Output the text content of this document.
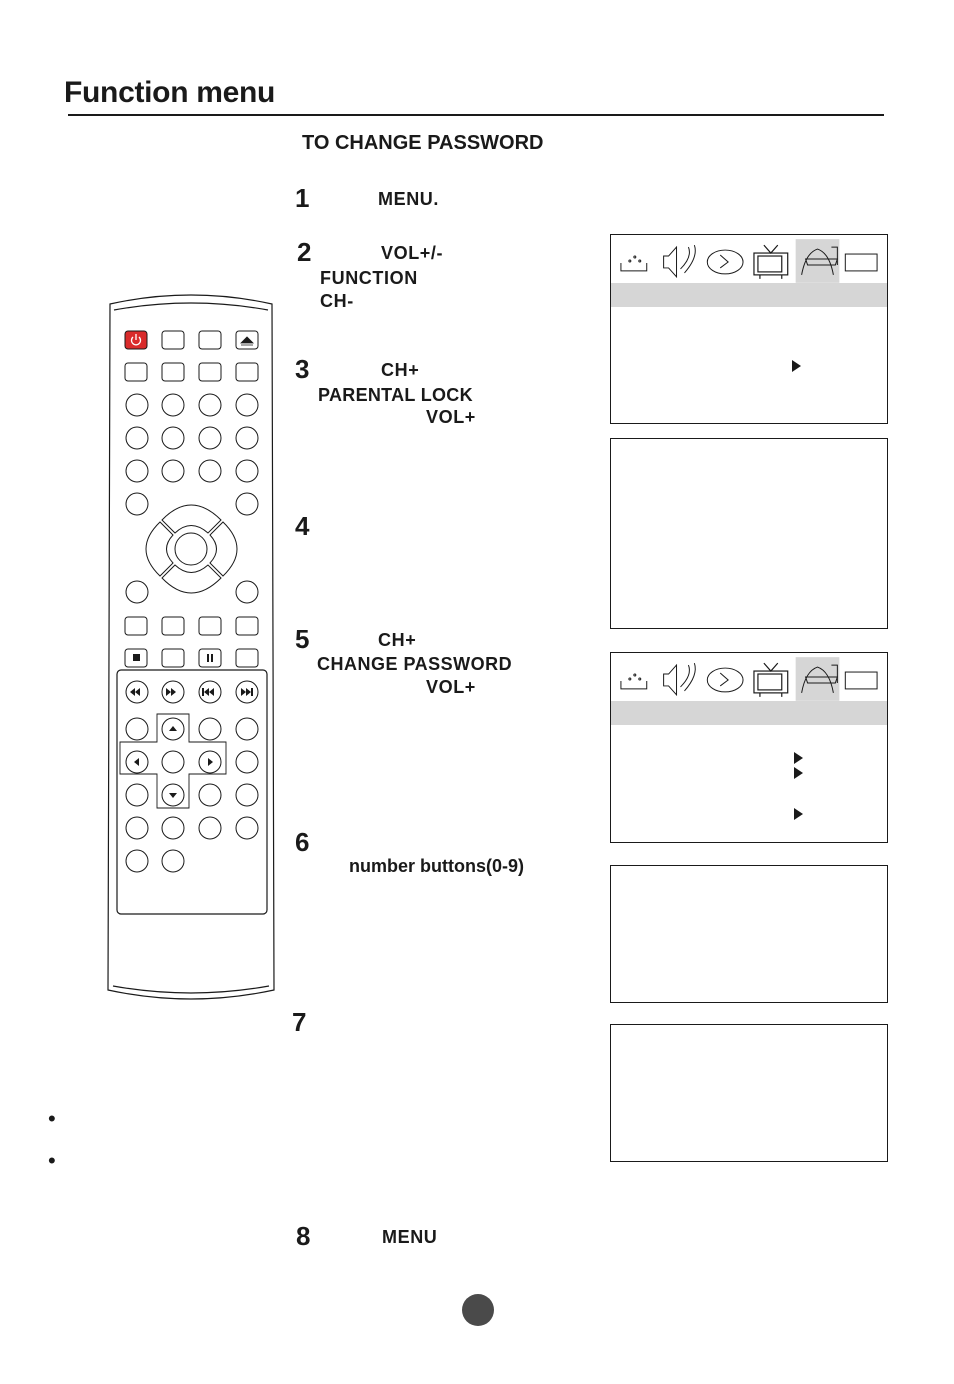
Function menu
TO CHANGE PASSWORD
1	MENU.
2	VOL+/-
FUNCTION
CH-
3	CH+
PARENTAL LOCK
VOL+
4
5	CH+
CHANGE PASSWORD
VOL+
6
number buttons(0-9)
7
8	MENU
•
•
